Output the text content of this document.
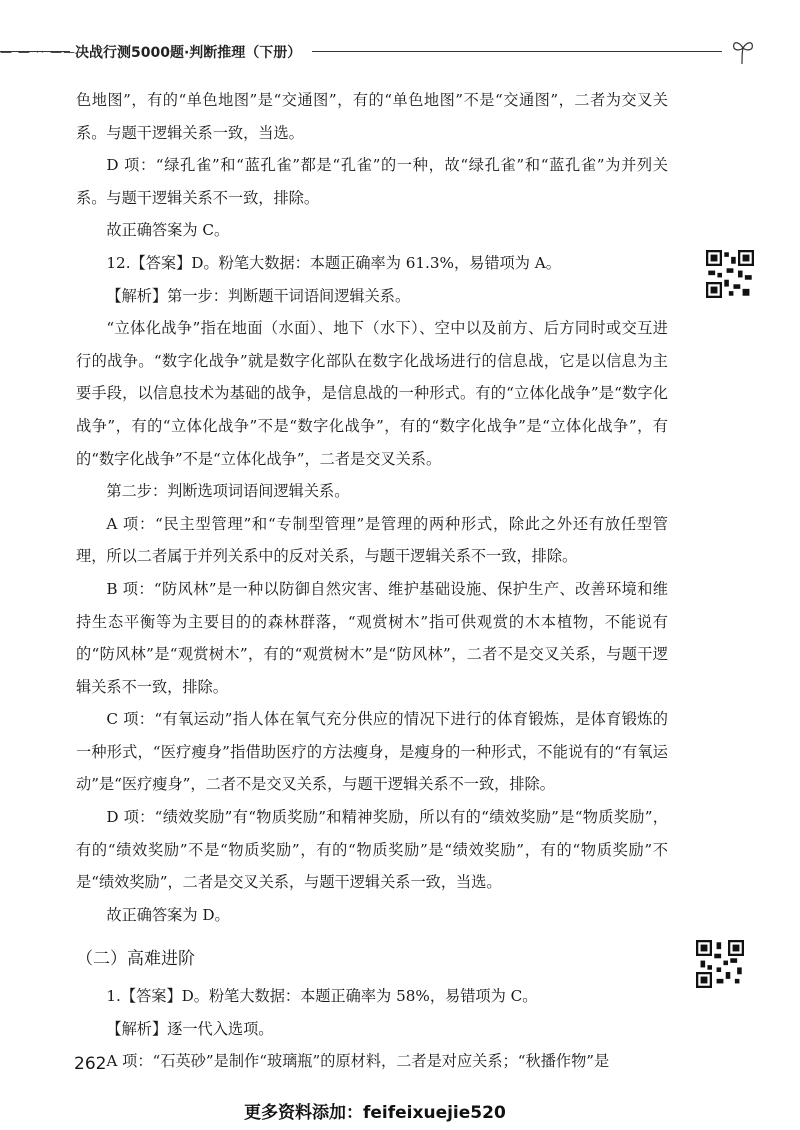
— — ·· ——
决战行测5000题·判断推理（下册）

色地图”，有的“单色地图”是“交通图”，有的“单色地图”不是“交通图”，二者为交叉关系。与题干逻辑关系一致，当选。

D 项：“绿孔雀”和“蓝孔雀”都是“孔雀”的一种，故“绿孔雀”和“蓝孔雀”为并列关系。与题干逻辑关系不一致，排除。

故正确答案为 C。

12.【答案】D。粉笔大数据：本题正确率为 61.3%，易错项为 A。

【解析】第一步：判断题干词语间逻辑关系。

“立体化战争”指在地面（水面）、地下（水下）、空中以及前方、后方同时或交互进行的战争。“数字化战争”就是数字化部队在数字化战场进行的信息战，它是以信息为主要手段，以信息技术为基础的战争，是信息战的一种形式。有的“立体化战争”是“数字化战争”，有的“立体化战争”不是“数字化战争”，有的“数字化战争”是“立体化战争”，有的“数字化战争”不是“立体化战争”，二者是交叉关系。

第二步：判断选项词语间逻辑关系。

A 项：“民主型管理”和“专制型管理”是管理的两种形式，除此之外还有放任型管理，所以二者属于并列关系中的反对关系，与题干逻辑关系不一致，排除。

B 项：“防风林”是一种以防御自然灾害、维护基础设施、保护生产、改善环境和维持生态平衡等为主要目的的森林群落，“观赏树木”指可供观赏的木本植物，不能说有的“防风林”是“观赏树木”，有的“观赏树木”是“防风林”，二者不是交叉关系，与题干逻辑关系不一致，排除。

C 项：“有氧运动”指人体在氧气充分供应的情况下进行的体育锻炼，是体育锻炼的一种形式，“医疗瘦身”指借助医疗的方法瘦身，是瘦身的一种形式，不能说有的“有氧运动”是“医疗瘦身”，二者不是交叉关系，与题干逻辑关系不一致，排除。

D 项：“绩效奖励”有“物质奖励”和精神奖励，所以有的“绩效奖励”是“物质奖励”，有的“绩效奖励”不是“物质奖励”，有的“物质奖励”是“绩效奖励”，有的“物质奖励”不是“绩效奖励”，二者是交叉关系，与题干逻辑关系一致，当选。

故正确答案为 D。

（二）高难进阶

1.【答案】D。粉笔大数据：本题正确率为 58%，易错项为 C。

【解析】逐一代入选项。

A 项：“石英砂”是制作“玻璃瓶”的原材料，二者是对应关系；“秋播作物”是

262
更多资料添加：feifeixuejie520
